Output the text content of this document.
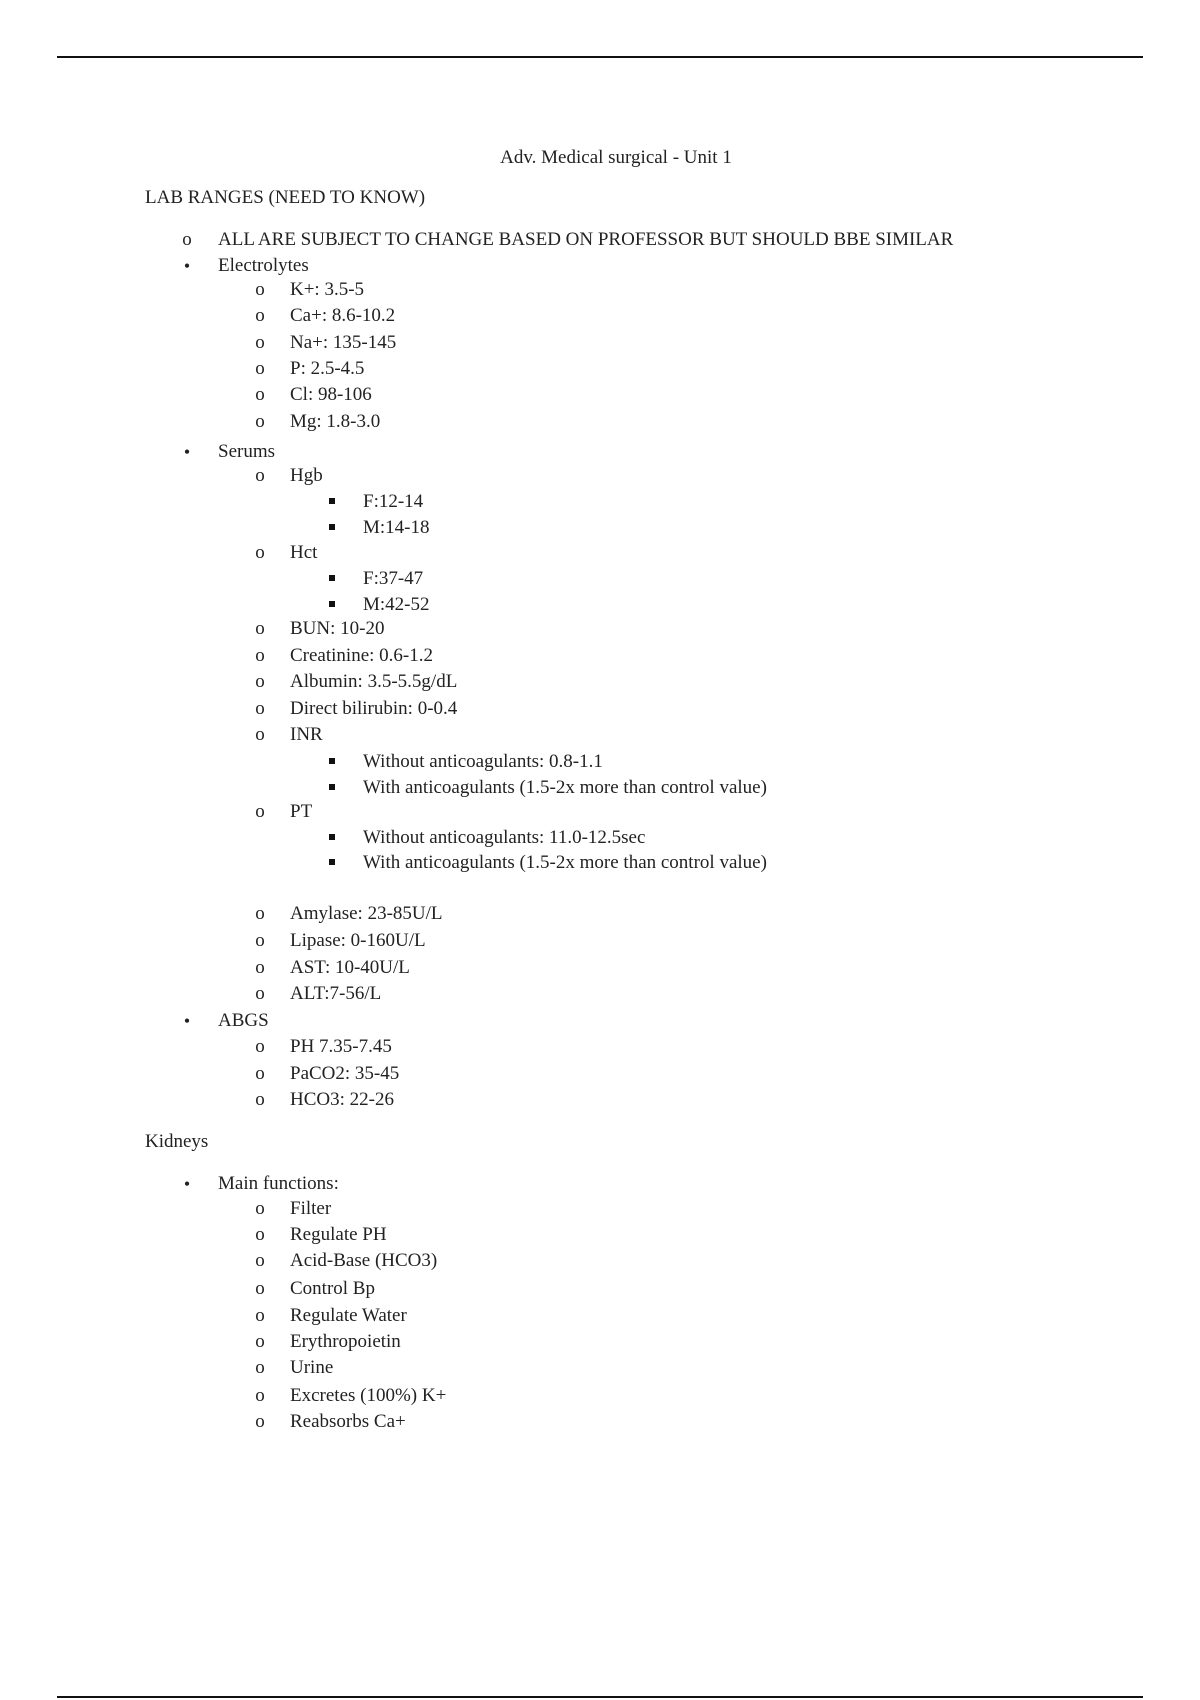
Adv. Medical surgical - Unit 1
LAB RANGES (NEED TO KNOW)
o
ALL ARE SUBJECT TO CHANGE BASED ON PROFESSOR BUT SHOULD BBE SIMILAR
•
Electrolytes
o
K+: 3.5-5
o
Ca+: 8.6-10.2
o
Na+: 135-145
o
P: 2.5-4.5
o
Cl: 98-106
o
Mg: 1.8-3.0
•
Serums
o
Hgb
F:12-14
M:14-18
o
Hct
F:37-47
M:42-52
o
BUN: 10-20
o
Creatinine: 0.6-1.2
o
Albumin: 3.5-5.5g/dL
o
Direct bilirubin: 0-0.4
o
INR
Without anticoagulants: 0.8-1.1
With anticoagulants (1.5-2x more than control value)
o
PT
Without anticoagulants: 11.0-12.5sec
With anticoagulants (1.5-2x more than control value)
o
Amylase: 23-85U/L
o
Lipase: 0-160U/L
o
AST: 10-40U/L
o
ALT:7-56/L
•
ABGS
o
PH 7.35-7.45
o
PaCO2: 35-45
o
HCO3: 22-26
Kidneys
•
Main functions:
o
Filter
o
Regulate PH
o
Acid-Base (HCO3)
o
Control Bp
o
Regulate Water
o
Erythropoietin
o
Urine
o
Excretes (100%) K+
o
Reabsorbs Ca+
